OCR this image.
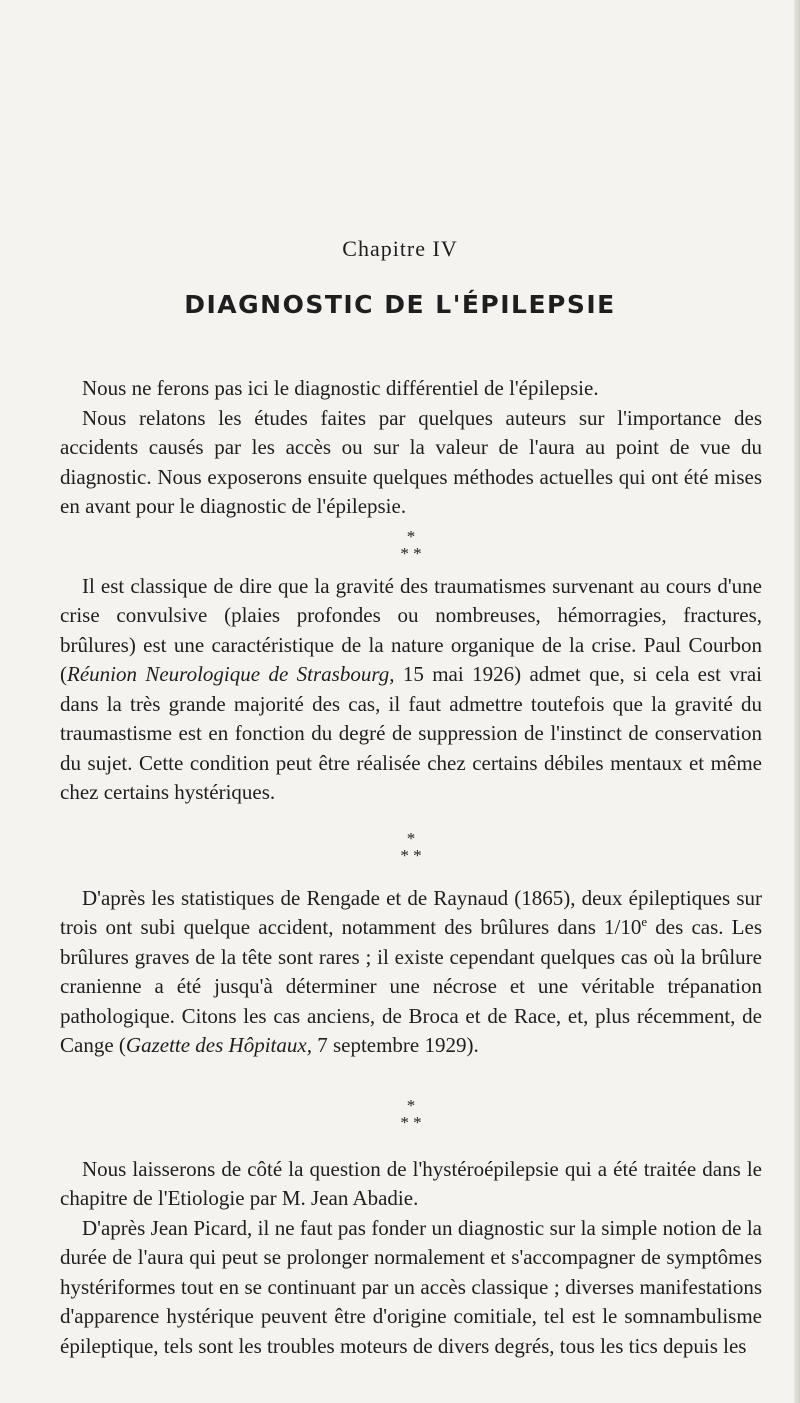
Chapitre IV
DIAGNOSTIC DE L'ÉPILEPSIE

Nous ne ferons pas ici le diagnostic différentiel de l'épilepsie.

Nous relatons les études faites par quelques auteurs sur l'importance des accidents causés par les accès ou sur la valeur de l'aura au point de vue du diagnostic. Nous exposerons ensuite quelques méthodes actuelles qui ont été mises en avant pour le diagnostic de l'épilepsie.

*
* *

Il est classique de dire que la gravité des traumatismes survenant au cours d'une crise convulsive (plaies profondes ou nombreuses, hémorragies, fractures, brûlures) est une caractéristique de la nature organique de la crise. Paul Courbon (Réunion Neurologique de Strasbourg, 15 mai 1926) admet que, si cela est vrai dans la très grande majorité des cas, il faut admettre toutefois que la gravité du traumastisme est en fonction du degré de suppression de l'instinct de conservation du sujet. Cette condition peut être réalisée chez certains débiles mentaux et même chez certains hystériques.

*
* *

D'après les statistiques de Rengade et de Raynaud (1865), deux épileptiques sur trois ont subi quelque accident, notamment des brûlures dans 1/10e des cas. Les brûlures graves de la tête sont rares ; il existe cependant quelques cas où la brûlure cranienne a été jusqu'à déterminer une nécrose et une véritable trépanation pathologique. Citons les cas anciens, de Broca et de Race, et, plus récemment, de Cange (Gazette des Hôpitaux, 7 septembre 1929).

*
* *

Nous laisserons de côté la question de l'hystéroépilepsie qui a été traitée dans le chapitre de l'Etiologie par M. Jean Abadie.

D'après Jean Picard, il ne faut pas fonder un diagnostic sur la simple notion de la durée de l'aura qui peut se prolonger normalement et s'accompagner de symptômes hystériformes tout en se continuant par un accès classique ; diverses manifestations d'apparence hystérique peuvent être d'origine comitiale, tel est le somnambulisme épileptique, tels sont les troubles moteurs de divers degrés, tous les tics depuis les
